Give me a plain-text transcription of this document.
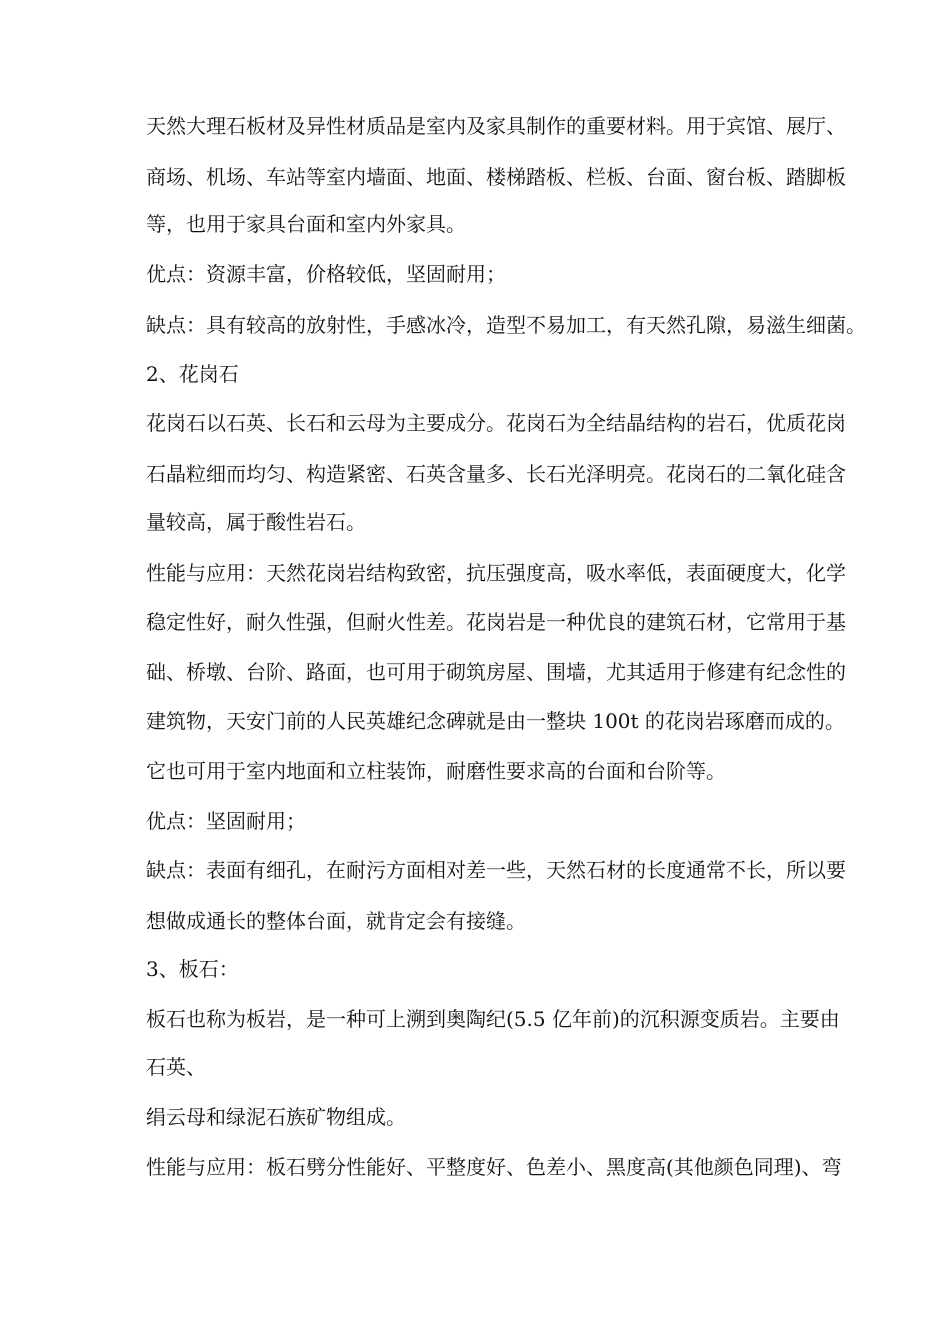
天然大理石板材及异性材质品是室内及家具制作的重要材料。用于宾馆、展厅、
商场、机场、车站等室内墙面、地面、楼梯踏板、栏板、台面、窗台板、踏脚板
等，也用于家具台面和室内外家具。
优点：资源丰富，价格较低，坚固耐用；
缺点：具有较高的放射性，手感冰冷，造型不易加工，有天然孔隙，易滋生细菌。
2、花岗石
花岗石以石英、长石和云母为主要成分。花岗石为全结晶结构的岩石，优质花岗
石晶粒细而均匀、构造紧密、石英含量多、长石光泽明亮。花岗石的二氧化硅含
量较高，属于酸性岩石。
性能与应用：天然花岗岩结构致密，抗压强度高，吸水率低，表面硬度大，化学
稳定性好，耐久性强，但耐火性差。花岗岩是一种优良的建筑石材，它常用于基
础、桥墩、台阶、路面，也可用于砌筑房屋、围墙，尤其适用于修建有纪念性的
建筑物，天安门前的人民英雄纪念碑就是由一整块 100t 的花岗岩琢磨而成的。
它也可用于室内地面和立柱装饰，耐磨性要求高的台面和台阶等。
优点：坚固耐用；
缺点：表面有细孔，在耐污方面相对差一些，天然石材的长度通常不长，所以要
想做成通长的整体台面，就肯定会有接缝。
3、板石：
板石也称为板岩，是一种可上溯到奥陶纪(5.5 亿年前)的沉积源变质岩。主要由
石英、
绢云母和绿泥石族矿物组成。
性能与应用：板石劈分性能好、平整度好、色差小、黑度高(其他颜色同理)、弯
